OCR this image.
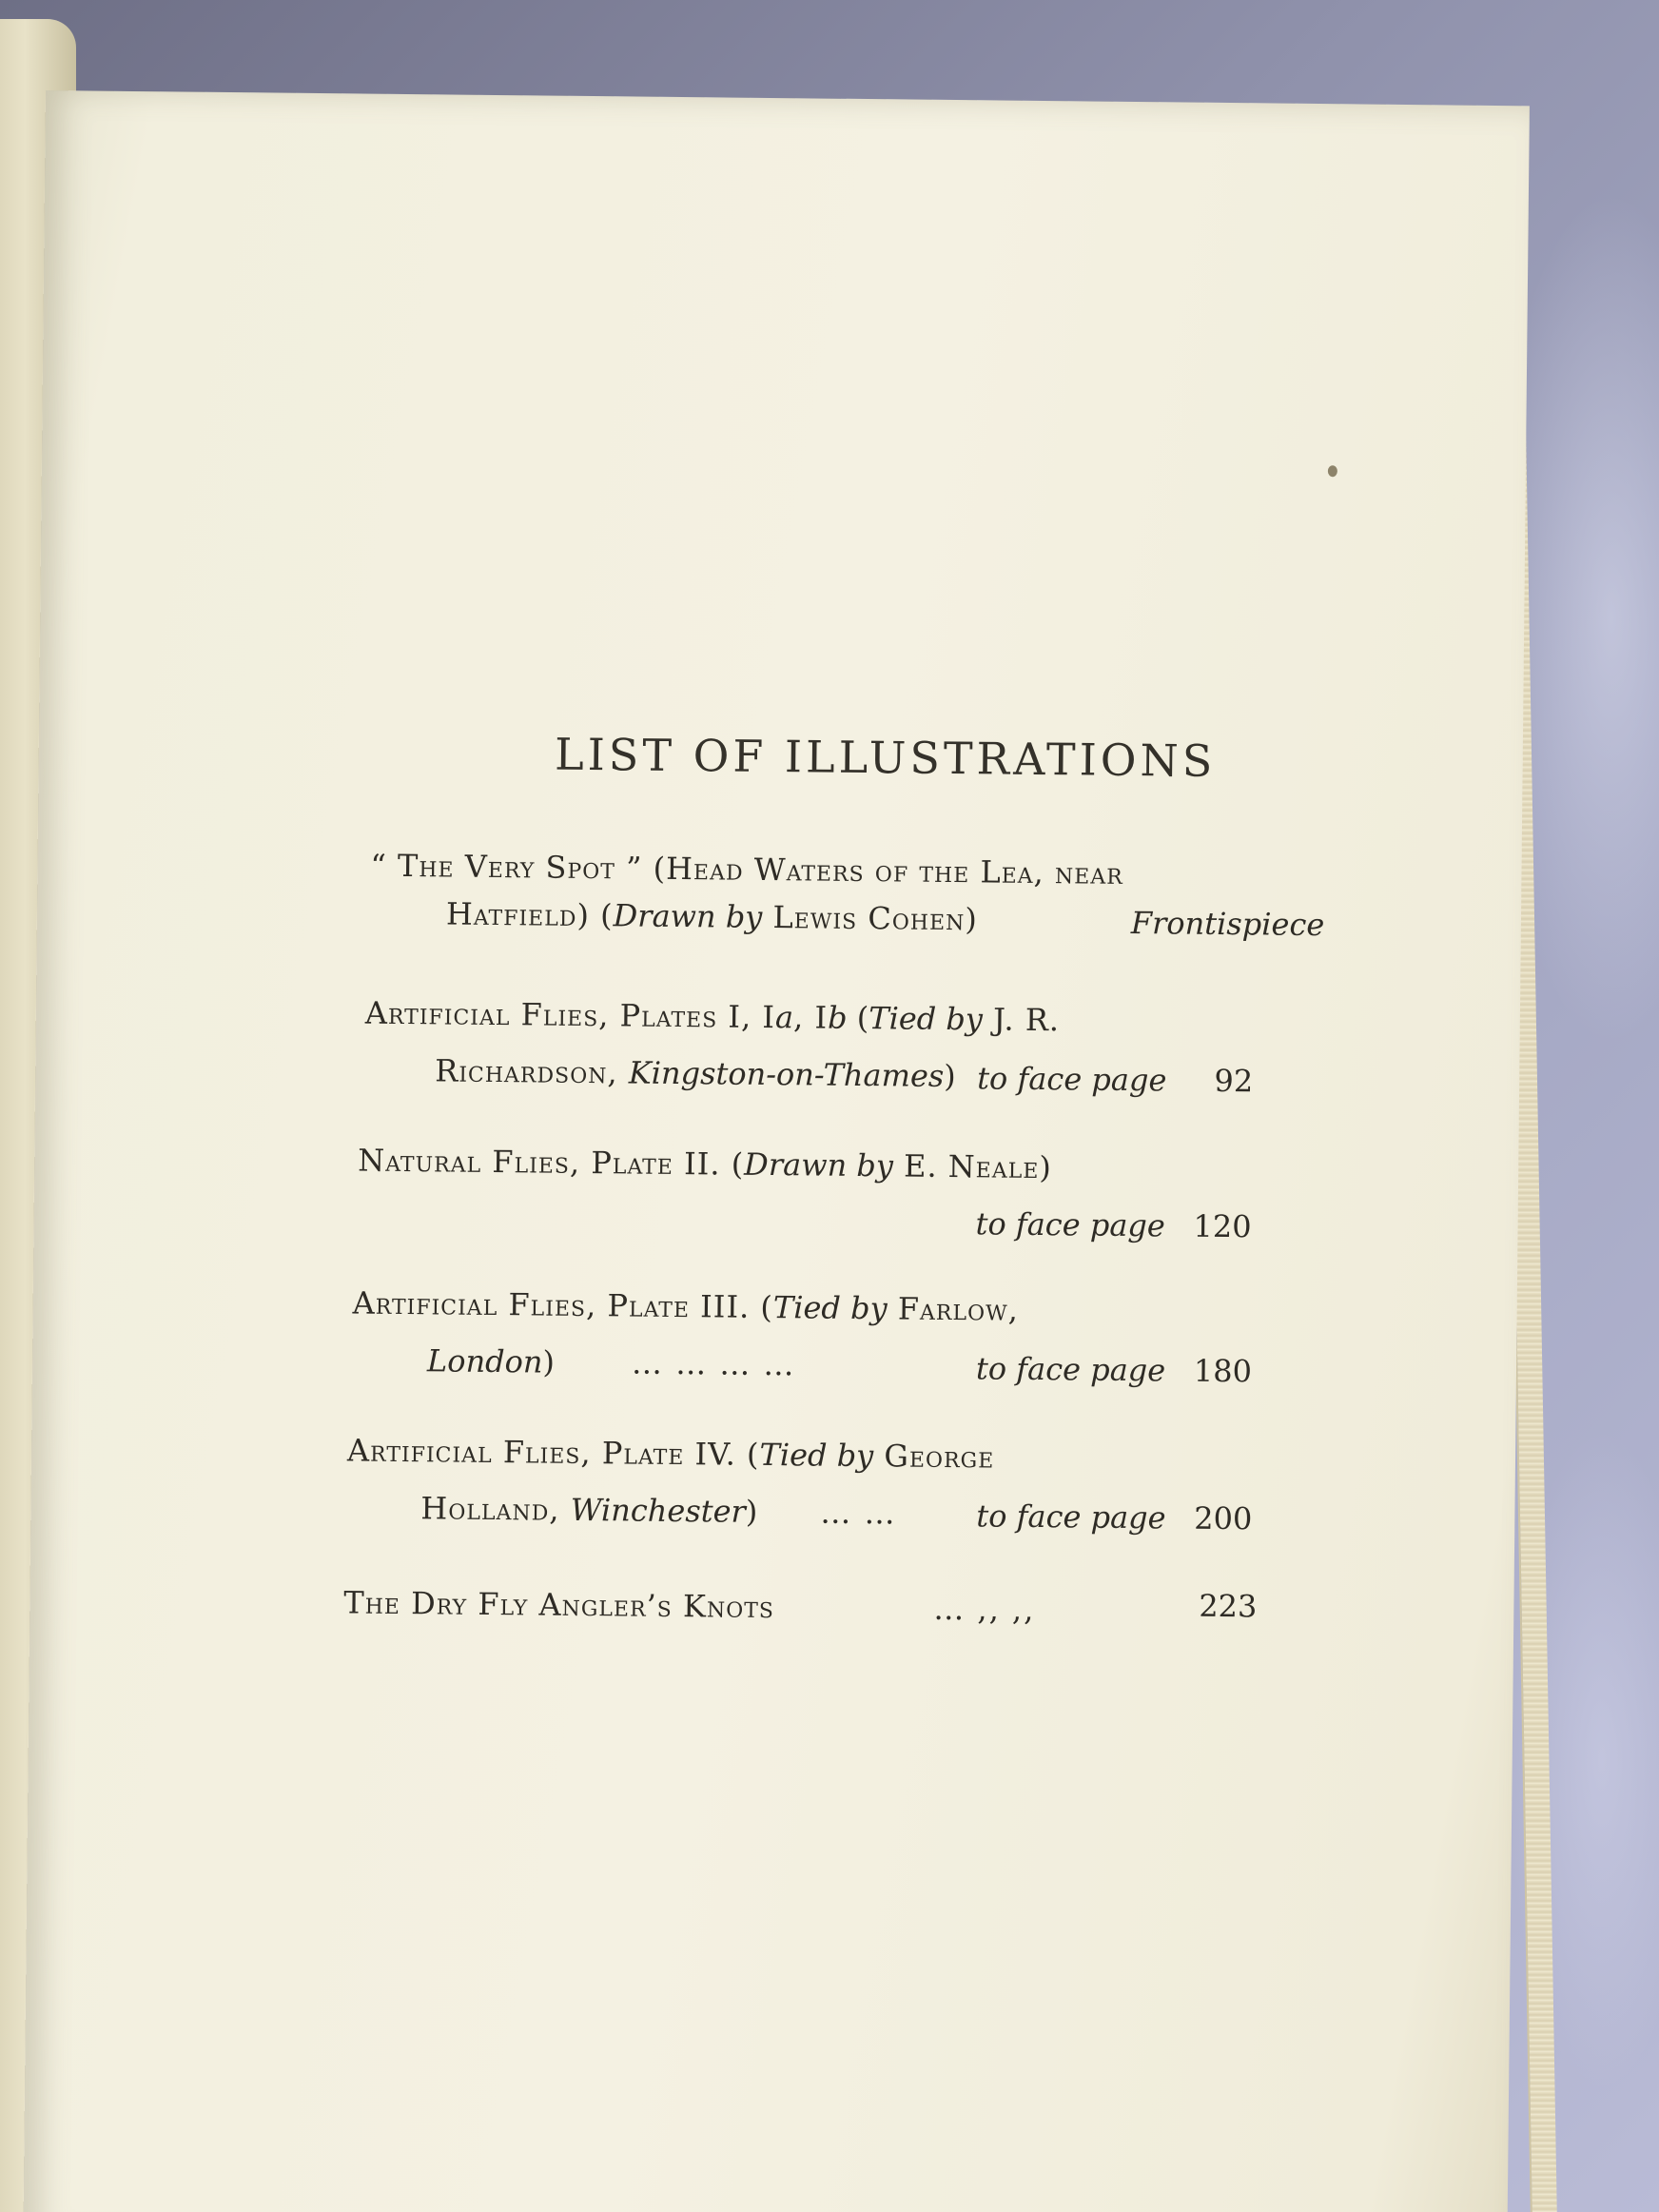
LIST OF ILLUSTRATIONS
“ The Very Spot ” (Head Waters of the Lea, near
Hatfield) (Drawn by Lewis Cohen)	Frontispiece
Artificial Flies, Plates I, Ia, Ib (Tied by J. R.
Richardson, Kingston-on-Thames) to face page	92
Natural Flies, Plate II. (Drawn by E. Neale)
to face page 120
Artificial Flies, Plate III. (Tied by Farlow,
London)	… … … …	to face page 180
Artificial Flies, Plate IV. (Tied by George
Holland, Winchester) … …	to face page 200
The Dry Fly Angler’s Knots	… ,, ,,	223
